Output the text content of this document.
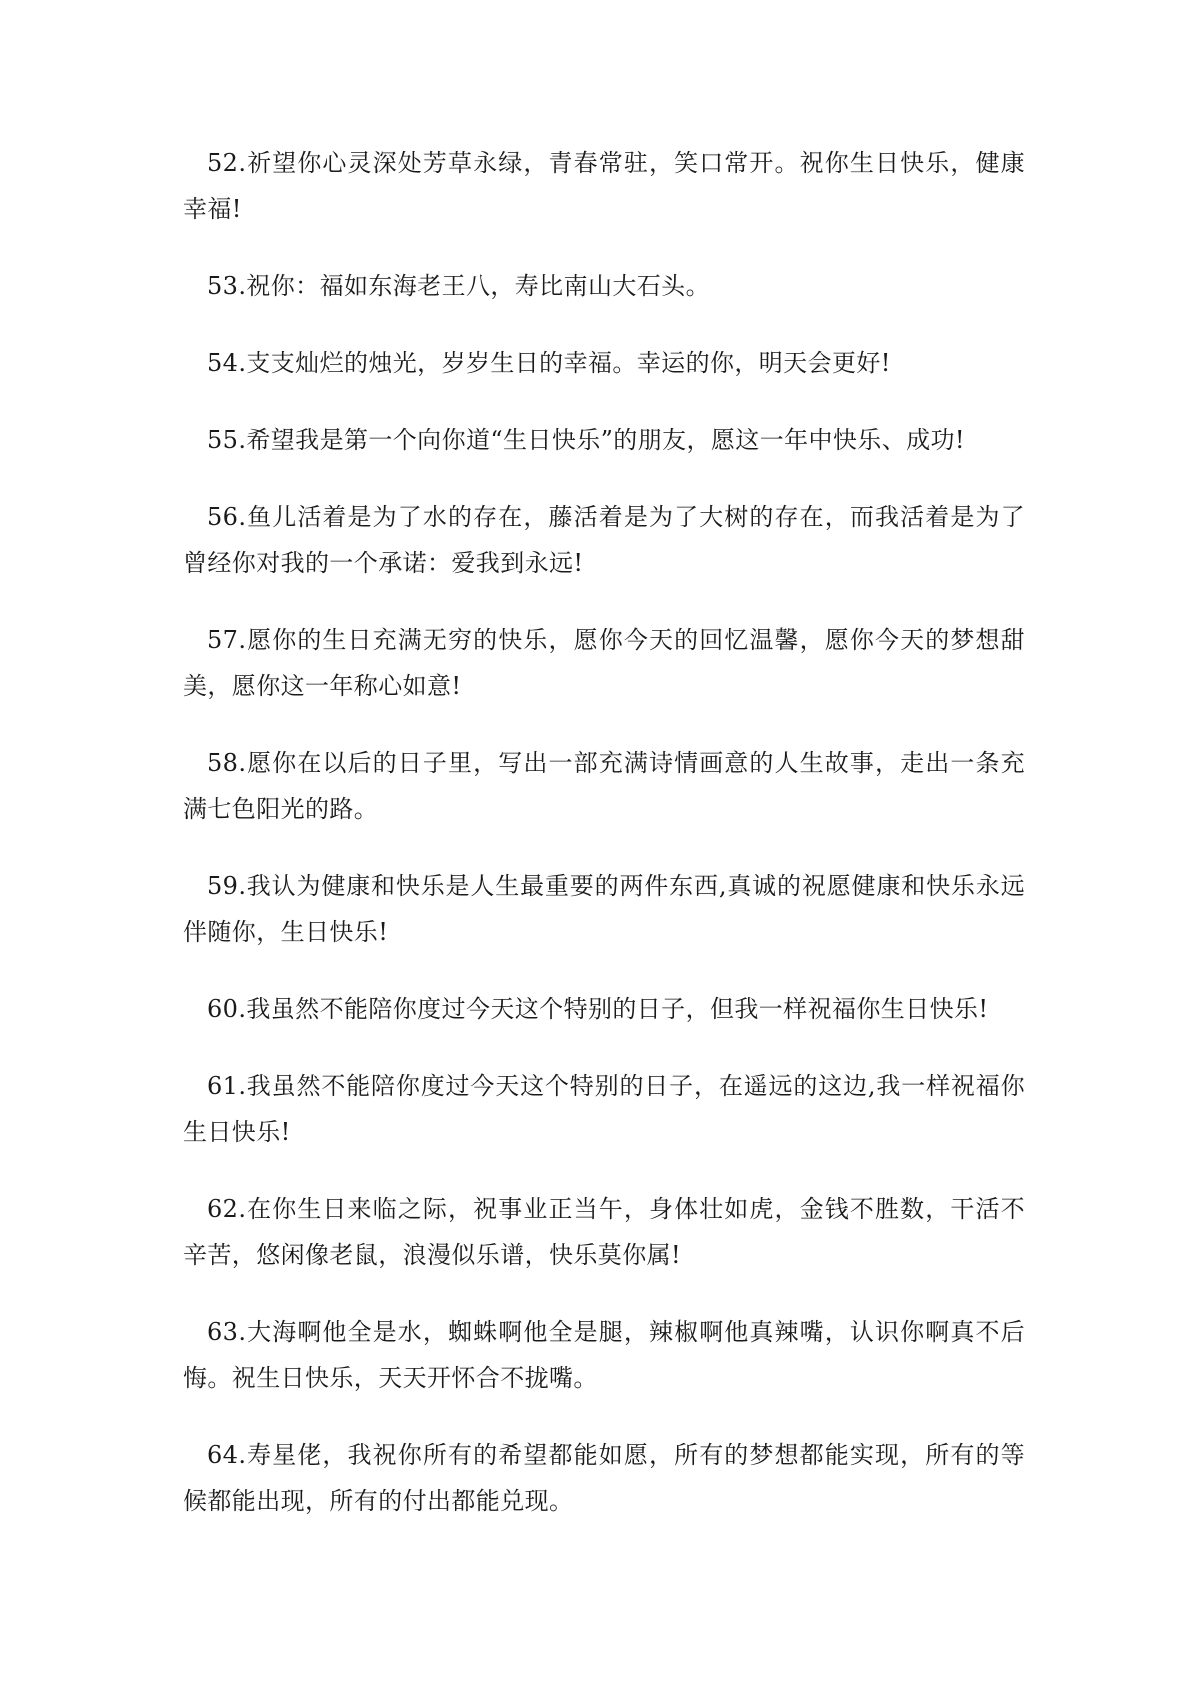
52.祈望你心灵深处芳草永绿，青春常驻，笑口常开。祝你生日快乐，健康幸福!

53.祝你：福如东海老王八，寿比南山大石头。

54.支支灿烂的烛光，岁岁生日的幸福。幸运的你，明天会更好!

55.希望我是第一个向你道“生日快乐”的朋友，愿这一年中快乐、成功!

56.鱼儿活着是为了水的存在，藤活着是为了大树的存在，而我活着是为了曾经你对我的一个承诺：爱我到永远!

57.愿你的生日充满无穷的快乐，愿你今天的回忆温馨，愿你今天的梦想甜美，愿你这一年称心如意!

58.愿你在以后的日子里，写出一部充满诗情画意的人生故事，走出一条充满七色阳光的路。

59.我认为健康和快乐是人生最重要的两件东西,真诚的祝愿健康和快乐永远伴随你，生日快乐!

60.我虽然不能陪你度过今天这个特别的日子，但我一样祝福你生日快乐!

61.我虽然不能陪你度过今天这个特别的日子，在遥远的这边,我一样祝福你生日快乐!

62.在你生日来临之际，祝事业正当午，身体壮如虎，金钱不胜数，干活不辛苦，悠闲像老鼠，浪漫似乐谱，快乐莫你属!

63.大海啊他全是水，蜘蛛啊他全是腿，辣椒啊他真辣嘴，认识你啊真不后悔。祝生日快乐，天天开怀合不拢嘴。

64.寿星佬，我祝你所有的希望都能如愿，所有的梦想都能实现，所有的等候都能出现，所有的付出都能兑现。
